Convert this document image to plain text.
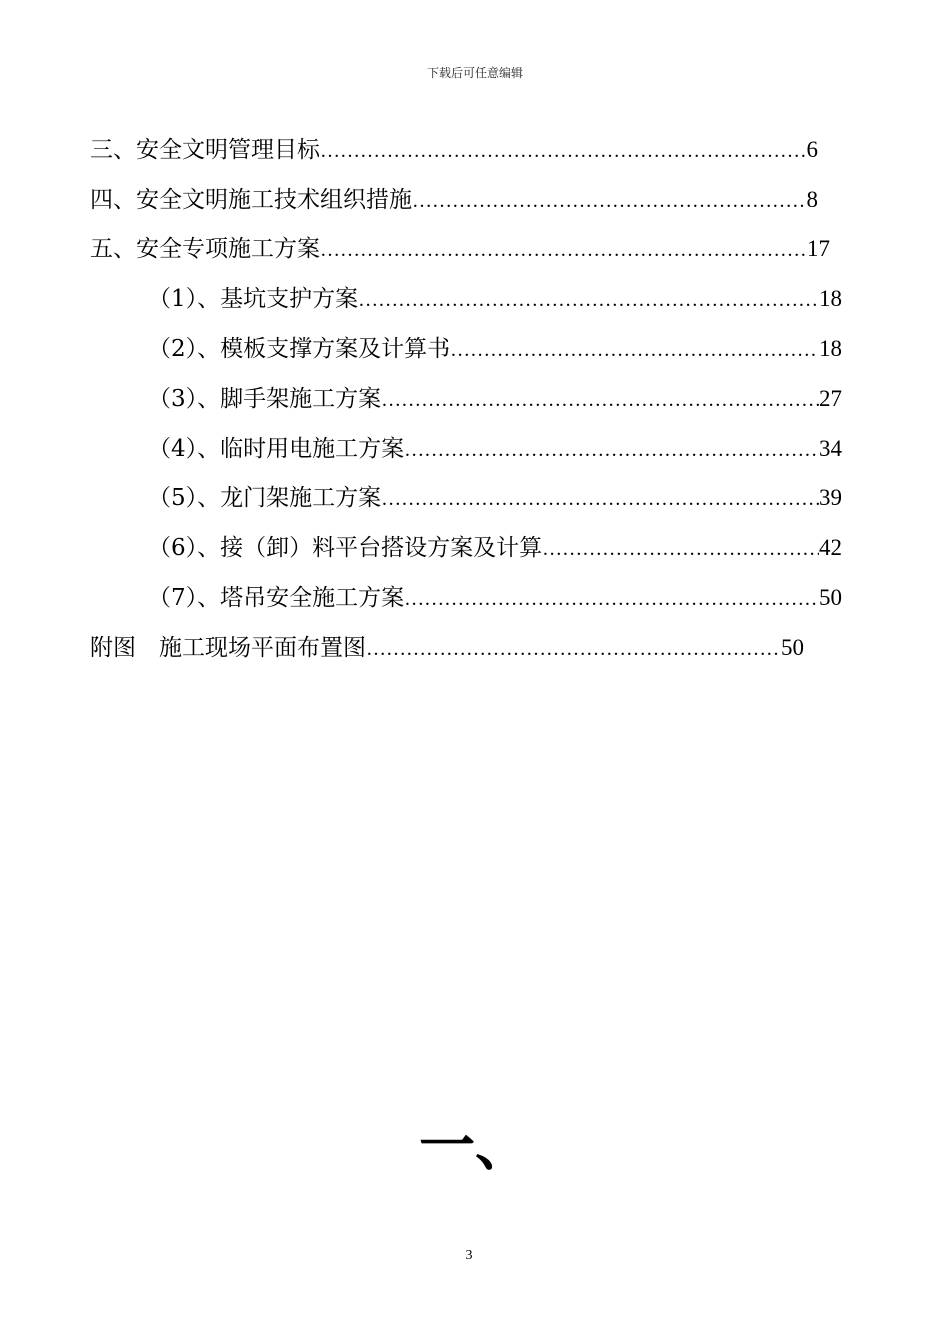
下载后可任意编辑
三、安全文明管理目标 ……………………………………………………………………………………………………………………………………………………	6
四、安全文明施工技术组织措施 ……………………………………………………………………………………………………………………………………………………	8
五、安全专项施工方案 ……………………………………………………………………………………………………………………………………………………	17
（1）、基坑支护方案 ……………………………………………………………………………………………………………………………………………………	18
（2）、模板支撑方案及计算书 ……………………………………………………………………………………………………………………………………………………	18
（3）、脚手架施工方案 ……………………………………………………………………………………………………………………………………………………	27
（4）、临时用电施工方案 ……………………………………………………………………………………………………………………………………………………	34
（5）、龙门架施工方案 ……………………………………………………………………………………………………………………………………………………	39
（6）、接（卸）料平台搭设方案及计算 ……………………………………………………………………………………………………………………………………………………	42
（7）、塔吊安全施工方案 ……………………………………………………………………………………………………………………………………………………	50
附图　施工现场平面布置图 ……………………………………………………………………………………………………………………………………………………	50
一、
3
